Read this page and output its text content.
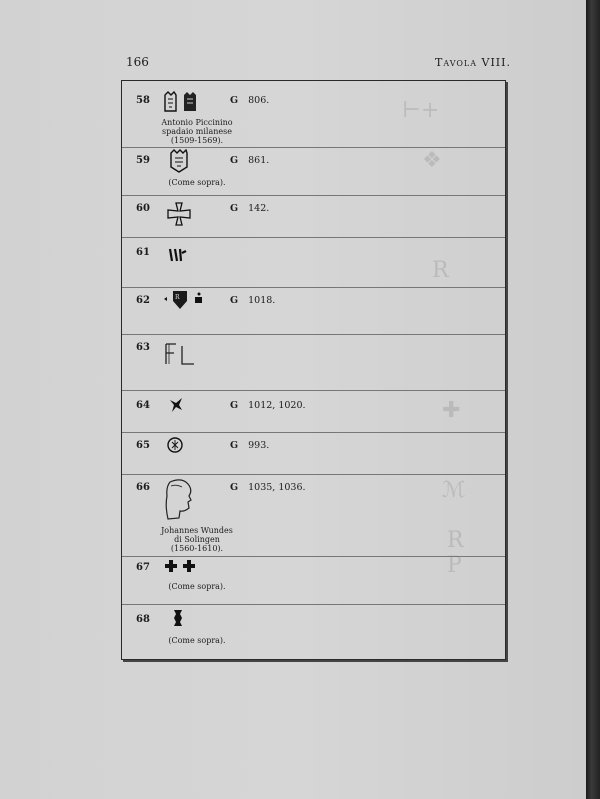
166	Tavola VIII.
⊢+
❖
R
✚
ℳ
R P
58	G 806.
Antonio Piccinino
spadaio milanese
(1509-1569).
59	G 861.
(Come sopra).
60	G 142.
61
62	R	G 1018.
63
64	G 1012, 1020.
65	G 993.
66	G 1035, 1036.
Johannes Wundes
di Solingen
(1560-1610).
67
(Come sopra).
68
(Come sopra).
